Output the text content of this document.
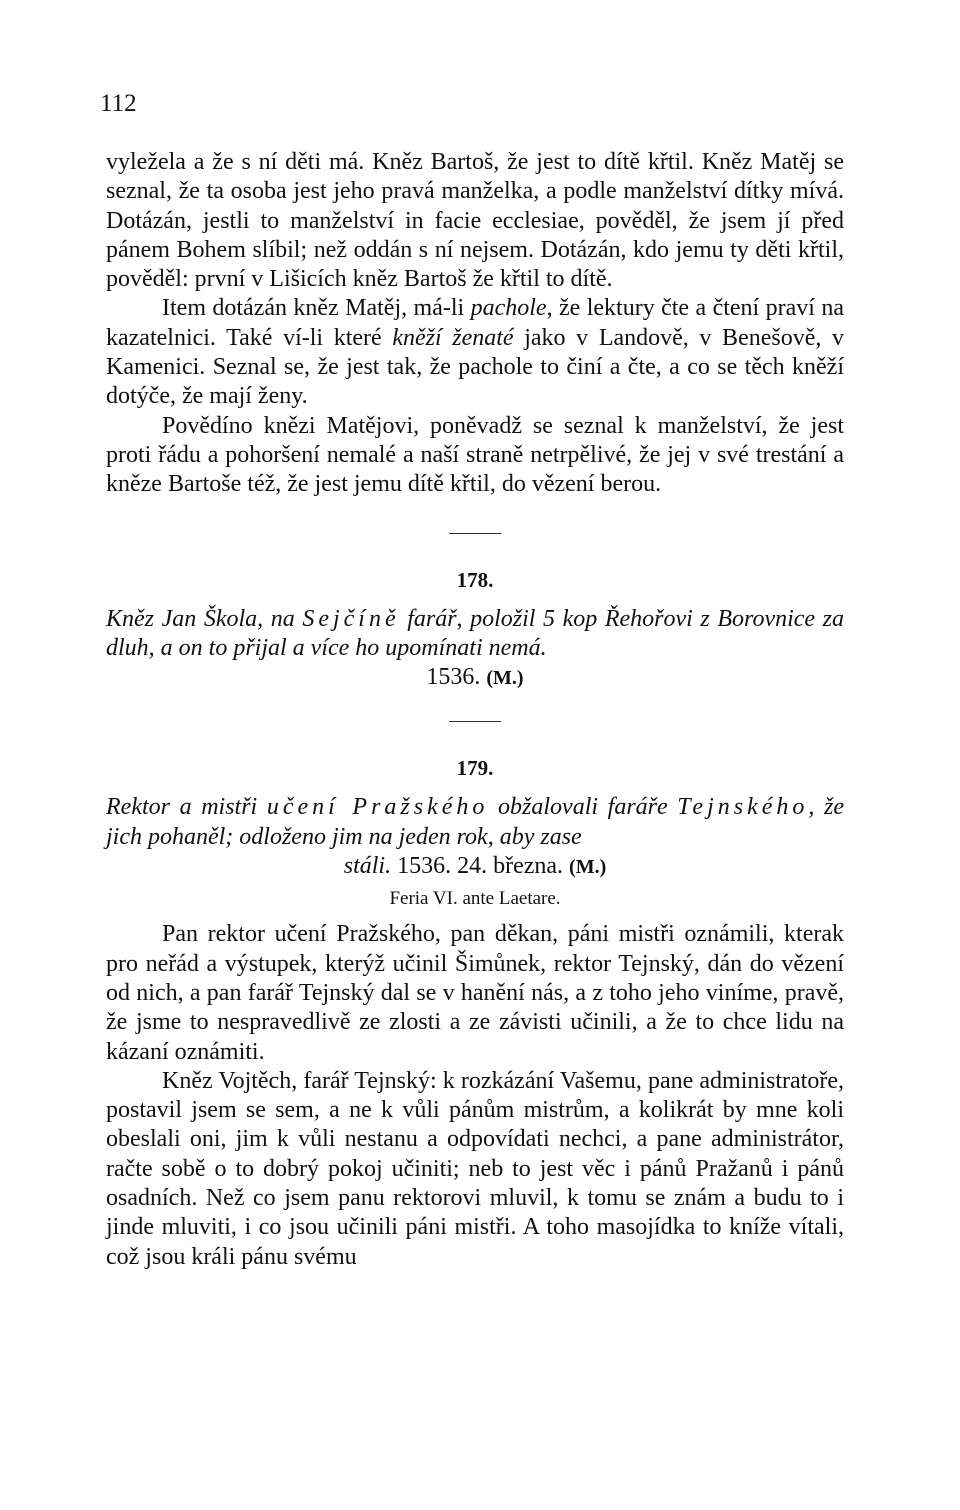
112

vyležela a že s ní děti má. Kněz Bartoš, že jest to dítě křtil. Kněz Matěj se seznal, že ta osoba jest jeho pravá manželka, a podle manželství dítky mívá. Dotázán, jestli to manželství in facie ecclesiae, pověděl, že jsem jí před pánem Bohem slíbil; než oddán s ní nejsem. Dotázán, kdo jemu ty děti křtil, pověděl: první v Lišicích kněz Bartoš že křtil to dítě.

Item dotázán kněz Matěj, má-li pachole, že lektury čte a čtení praví na kazatelnici. Také ví-li které kněží ženaté jako v Landově, v Benešově, v Kamenici. Seznal se, že jest tak, že pachole to činí a čte, a co se těch kněží dotýče, že mají ženy.

Povědíno knězi Matějovi, poněvadž se seznal k manželství, že jest proti řádu a pohoršení nemalé a naší straně netrpělivé, že jej v své trestání a kněze Bartoše též, že jest jemu dítě křtil, do vězení berou.

178.

Kněz Jan Škola, na Sejčíně farář, položil 5 kop Řehořovi z Borovnice za dluh, a on to přijal a více ho upomínati nemá.
1536. (M.)

179.

Rektor a mistři učení Pražského obžalovali faráře Tejnského, že jich pohaněl; odloženo jim na jeden rok, aby zase
stáli. 1536. 24. března. (M.)

Feria VI. ante Laetare.

Pan rektor učení Pražského, pan děkan, páni mistři oznámili, kterak pro neřád a výstupek, kterýž učinil Šimůnek, rektor Tejnský, dán do vězení od nich, a pan farář Tejnský dal se v hanění nás, a z toho jeho viníme, pravě, že jsme to nespravedlivě ze zlosti a ze závisti učinili, a že to chce lidu na kázaní oznámiti.

Kněz Vojtěch, farář Tejnský: k rozkázání Vašemu, pane administratoře, postavil jsem se sem, a ne k vůli pánům mistrům, a kolikrát by mne koli obeslali oni, jim k vůli nestanu a odpovídati nechci, a pane administrátor, račte sobě o to dobrý pokoj učiniti; neb to jest věc i pánů Pražanů i pánů osadních. Než co jsem panu rektorovi mluvil, k tomu se znám a budu to i jinde mluviti, i co jsou učinili páni mistři. A toho masojídka to kníže vítali, což jsou králi pánu svému
